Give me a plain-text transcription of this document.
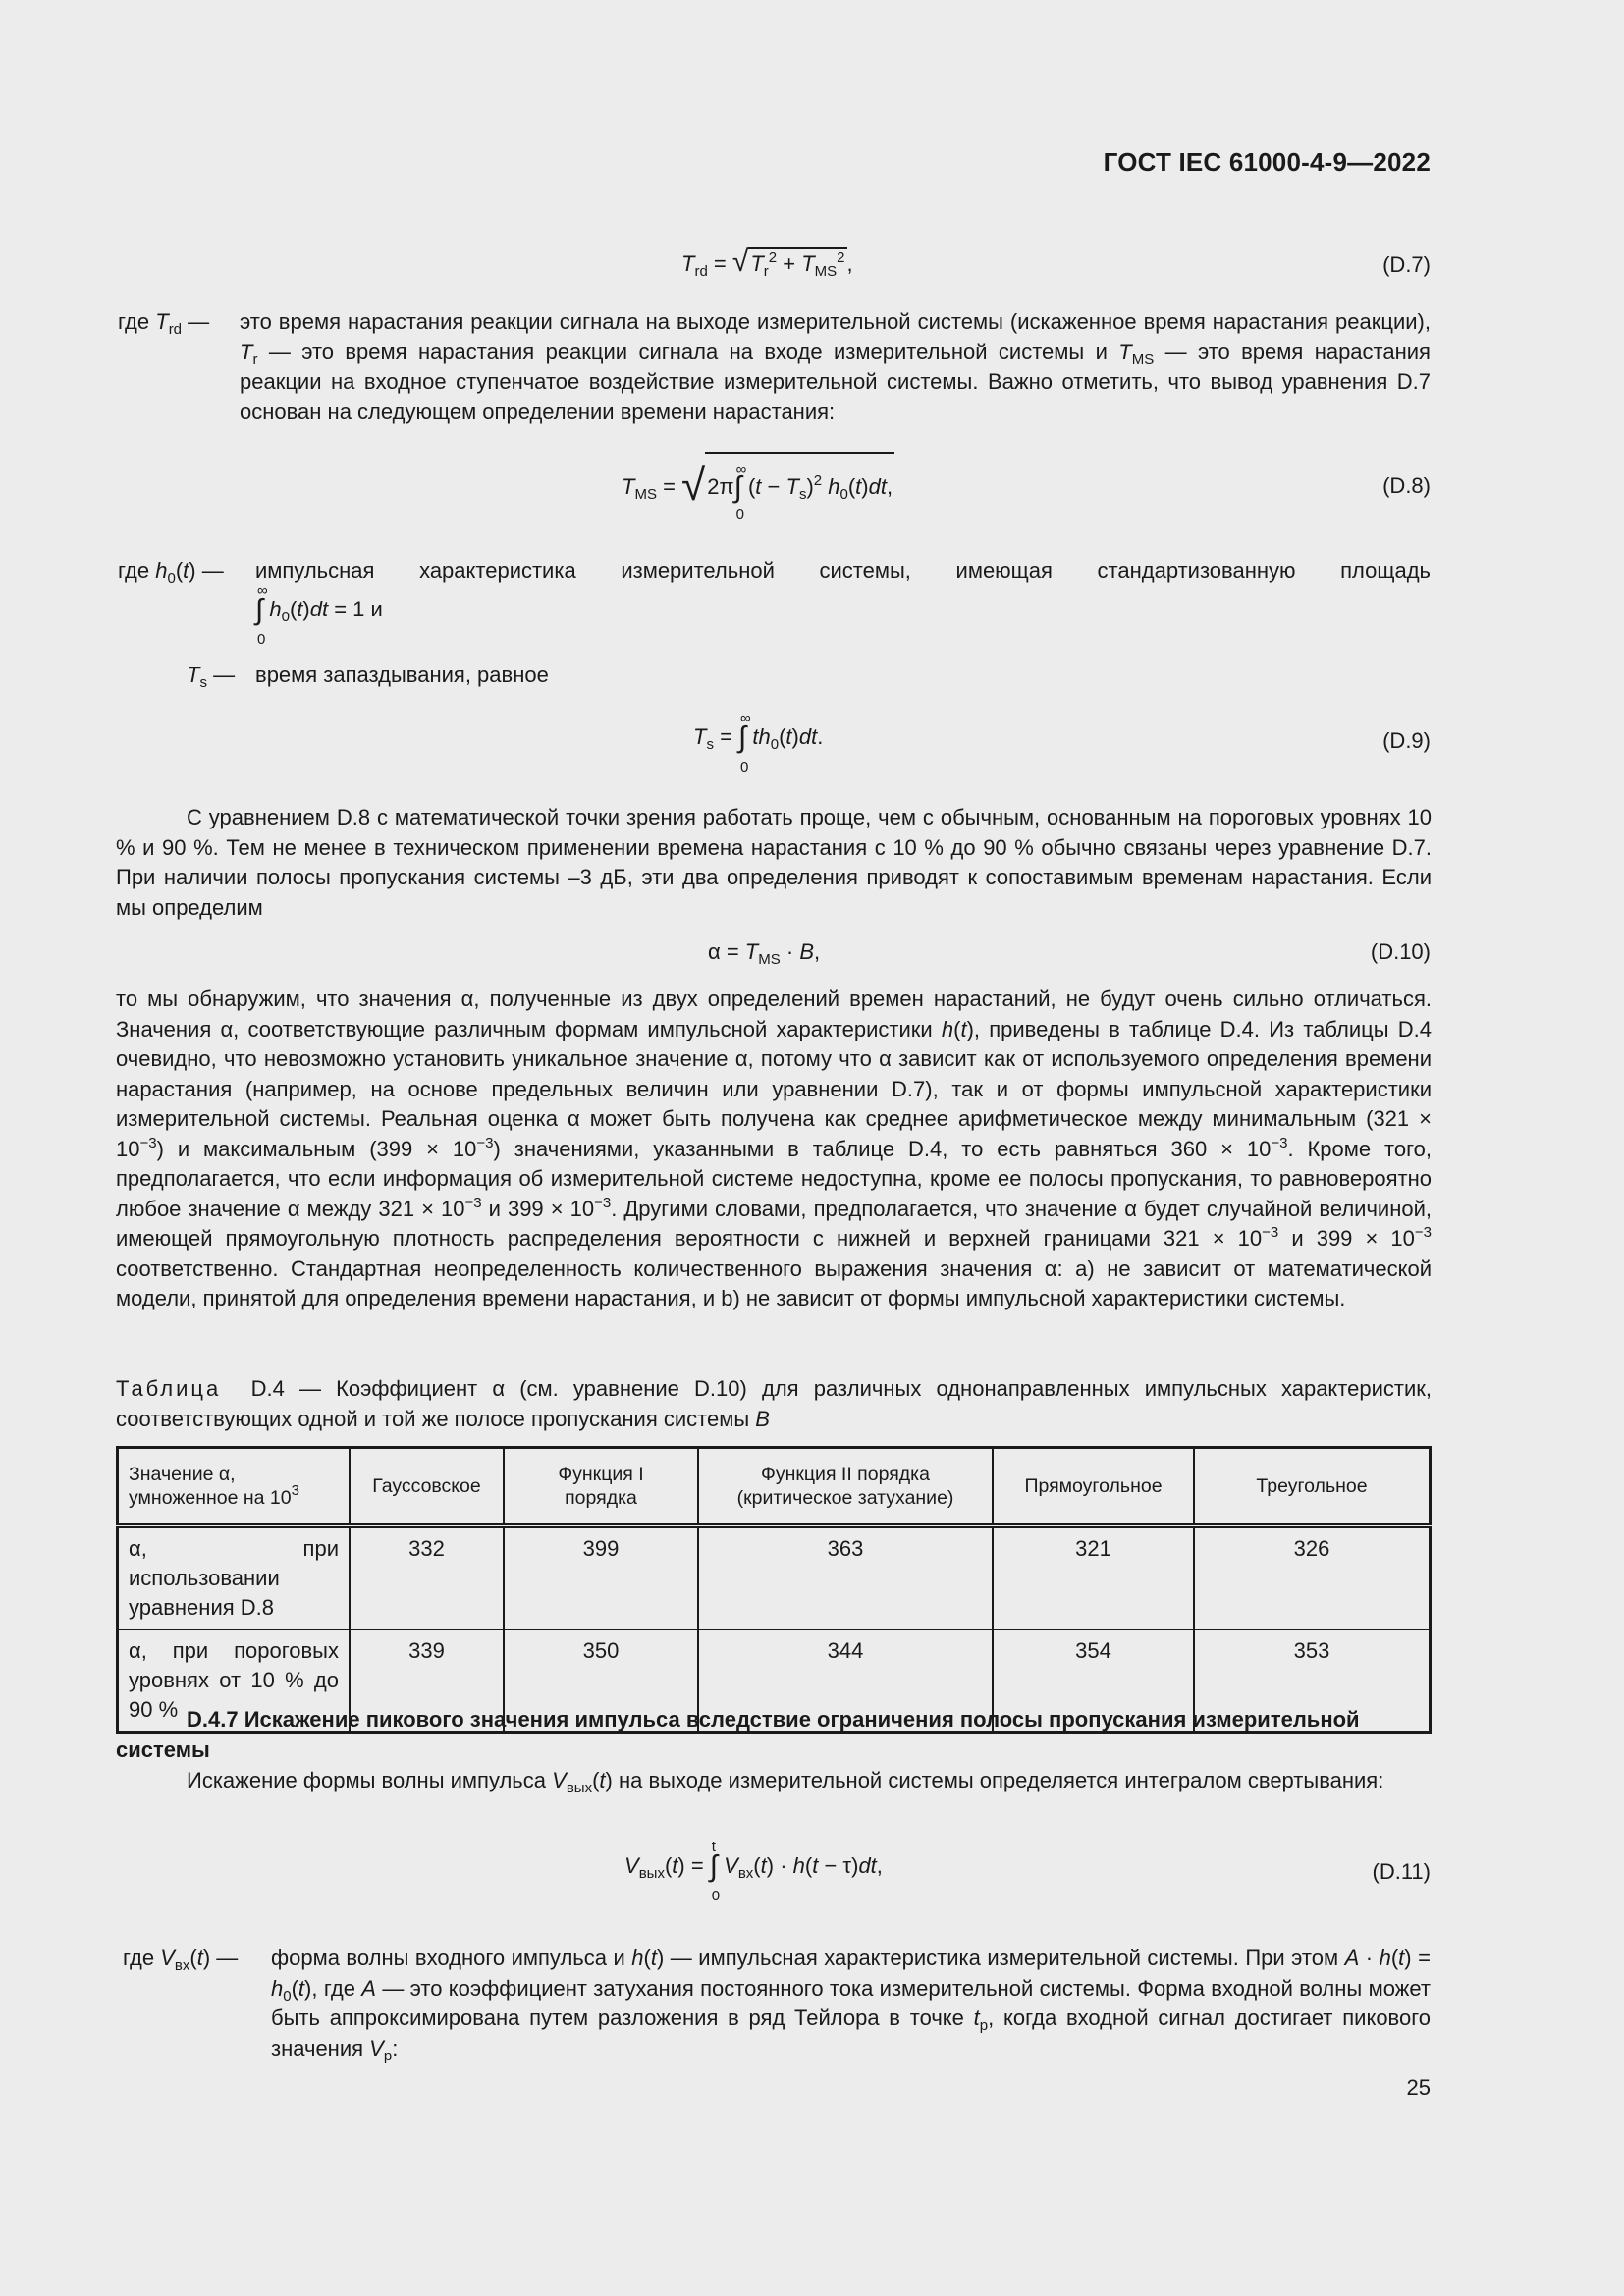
ГОСТ IEC 61000-4-9—2022
$T_{rd} = √T_r^2 + T_{MS}^2$,	(D.7)
где $T_{rd}$ — это время нарастания реакции сигнала на выходе измерительной системы (искаженное время нарастания реакции), $T_r$ — это время нарастания реакции сигнала на входе измерительной системы и $T_{MS}$ — это время нарастания реакции на входное ступенчатое воздействие измерительной системы. Важно отметить, что вывод уравнения D.7 основан на следующем определении времени нарастания:
$T_{MS} = √2\pi\int$
∞
0
$(t - T_s)^2$ $h_0(t)dt$,	(D.8)
где $h_0(t)$ — импульсная характеристика измерительной системы, имеющая стандартизованную площадь
∫
∞
0
$h_0(t)dt = 1$ и
$T_s$ — время запаздывания, равное
$T_s$ = ∫
∞
0
$th_0(t)dt$.	(D.9)
С уравнением D.8 с математической точки зрения работать проще, чем с обычным, основанным на пороговых уровнях 10 % и 90 %. Тем не менее в техническом применении времена нарастания с 10 % до 90 % обычно связаны через уравнение D.7. При наличии полосы пропускания системы –3 дБ, эти два определения приводят к сопоставимым временам нарастания. Если мы определим
$\alpha = T_{MS} \cdot B$,	(D.10)
то мы обнаружим, что значения α, полученные из двух определений времен нарастаний, не будут очень сильно отличаться. Значения α, соответствующие различным формам импульсной характеристики h(t), приведены в таблице D.4. Из таблицы D.4 очевидно, что невозможно установить уникальное значение α, потому что α зависит как от используемого определения времени нарастания (например, на основе предельных величин или уравнении D.7), так и от формы импульсной характеристики измерительной системы. Реальная оценка α может быть получена как среднее арифметическое между минимальным $(321 \times 10^{-3})$ и максимальным $(399 \times 10^{-3})$ значениями, указанными в таблице D.4, то есть равняться $360 \times 10^{-3}$. Кроме того, предполагается, что если информация об измерительной системе недоступна, кроме ее полосы пропускания, то равновероятно любое значение α между $321 \times 10^{-3}$ и $399 \times 10^{-3}$. Другими словами, предполагается, что значение α будет случайной величиной, имеющей прямоугольную плотность распределения вероятности с нижней и верхней границами $321 \times 10^{-3}$ и $399 \times 10^{-3}$ соответственно. Стандартная неопределенность количественного выражения значения α: a) не зависит от математической модели, принятой для определения времени нарастания, и b) не зависит от формы импульсной характеристики системы.
Таблица D.4 — Коэффициент α (см. уравнение D.10) для различных однонаправленных импульсных характеристик, соответствующих одной и той же полосе пропускания системы B
Значение α, умноженное на $10^3$	Гауссовское	Функция I порядка	Функция II порядка (критическое затухание)	Прямоугольное	Треугольное
α, при использовании уравнения D.8	332	399	363	321	326
α, при пороговых уровнях от 10 % до 90 %	339	350	344	354	353
D.4.7 Искажение пикового значения импульса вследствие ограничения полосы пропускания измерительной системы
Искажение формы волны импульса $V_{вых}(t)$ на выходе измерительной системы определяется интегралом свертывания:
$V_{вых}(t)$ = ∫
t
0
$V_{вх}(t) \cdot h(t - \tau)dt$,	(D.11)
где $V_{вх}(t)$ — форма волны входного импульса и h(t) — импульсная характеристика измерительной системы. При этом $A \cdot h(t) = h_0(t)$, где A — это коэффициент затухания постоянного тока измерительной системы. Форма входной волны может быть аппроксимирована путем разложения в ряд Тейлора в точке $t_p$, когда входной сигнал достигает пикового значения $V_p$:
25
